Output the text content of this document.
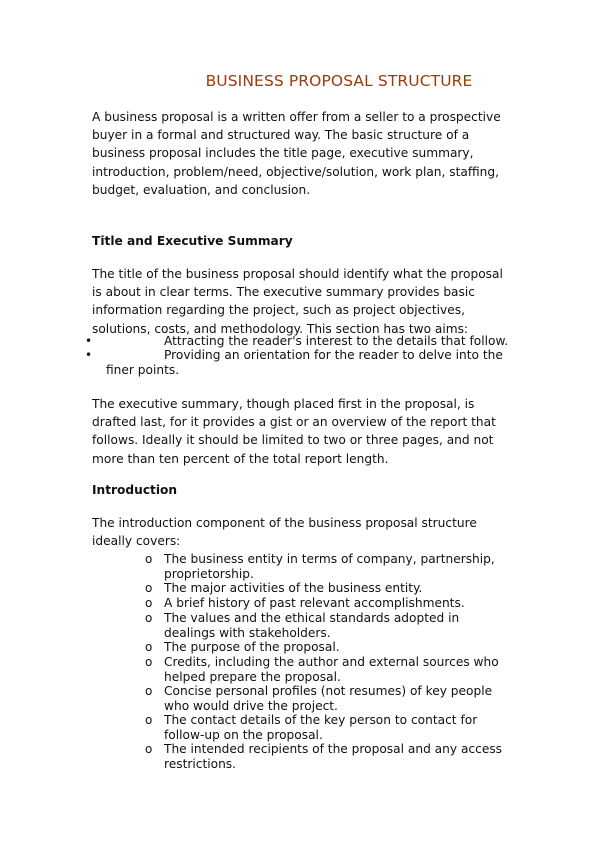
BUSINESS PROPOSAL STRUCTURE
A business proposal is a written offer from a seller to a prospective
buyer in a formal and structured way. The basic structure of a
business proposal includes the title page, executive summary,
introduction, problem/need, objective/solution, work plan, staffing,
budget, evaluation, and conclusion.
Title and Executive Summary
The title of the business proposal should identify what the proposal
is about in clear terms. The executive summary provides basic
information regarding the project, such as project objectives,
solutions, costs, and methodology. This section has two aims:
•	Attracting the reader's interest to the details that follow.
•	Providing an orientation for the reader to delve into the
finer points.
The executive summary, though placed first in the proposal, is
drafted last, for it provides a gist or an overview of the report that
follows. Ideally it should be limited to two or three pages, and not
more than ten percent of the total report length.
Introduction
The introduction component of the business proposal structure
ideally covers:
o The business entity in terms of company, partnership,
proprietorship.
o The major activities of the business entity.
o A brief history of past relevant accomplishments.
o The values and the ethical standards adopted in
dealings with stakeholders.
o The purpose of the proposal.
o Credits, including the author and external sources who
helped prepare the proposal.
o Concise personal profiles (not resumes) of key people
who would drive the project.
o The contact details of the key person to contact for
follow-up on the proposal.
o The intended recipients of the proposal and any access
restrictions.
